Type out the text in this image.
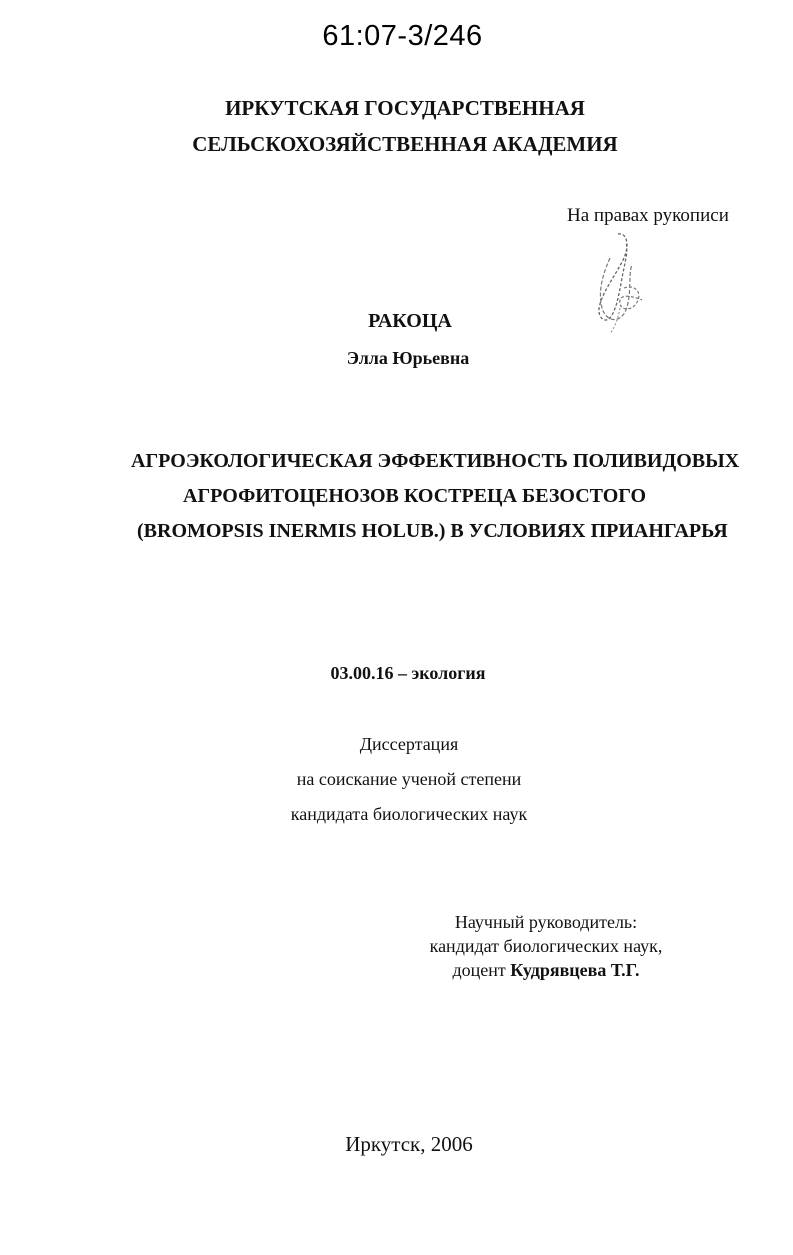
61:07-3/246
ИРКУТСКАЯ ГОСУДАРСТВЕННАЯ
СЕЛЬСКОХОЗЯЙСТВЕННАЯ АКАДЕМИЯ
На правах рукописи
РАКОЦА
Элла Юрьевна
АГРОЭКОЛОГИЧЕСКАЯ ЭФФЕКТИВНОСТЬ ПОЛИВИДОВЫХ
АГРОФИТОЦЕНОЗОВ КОСТРЕЦА БЕЗОСТОГО
(BROMOPSIS INERMIS HOLUB.) В УСЛОВИЯХ ПРИАНГАРЬЯ
03.00.16 – экология
Диссертация
на соискание ученой степени
кандидата биологических наук
Научный руководитель:
кандидат биологических наук,
доцент Кудрявцева Т.Г.
Иркутск, 2006
